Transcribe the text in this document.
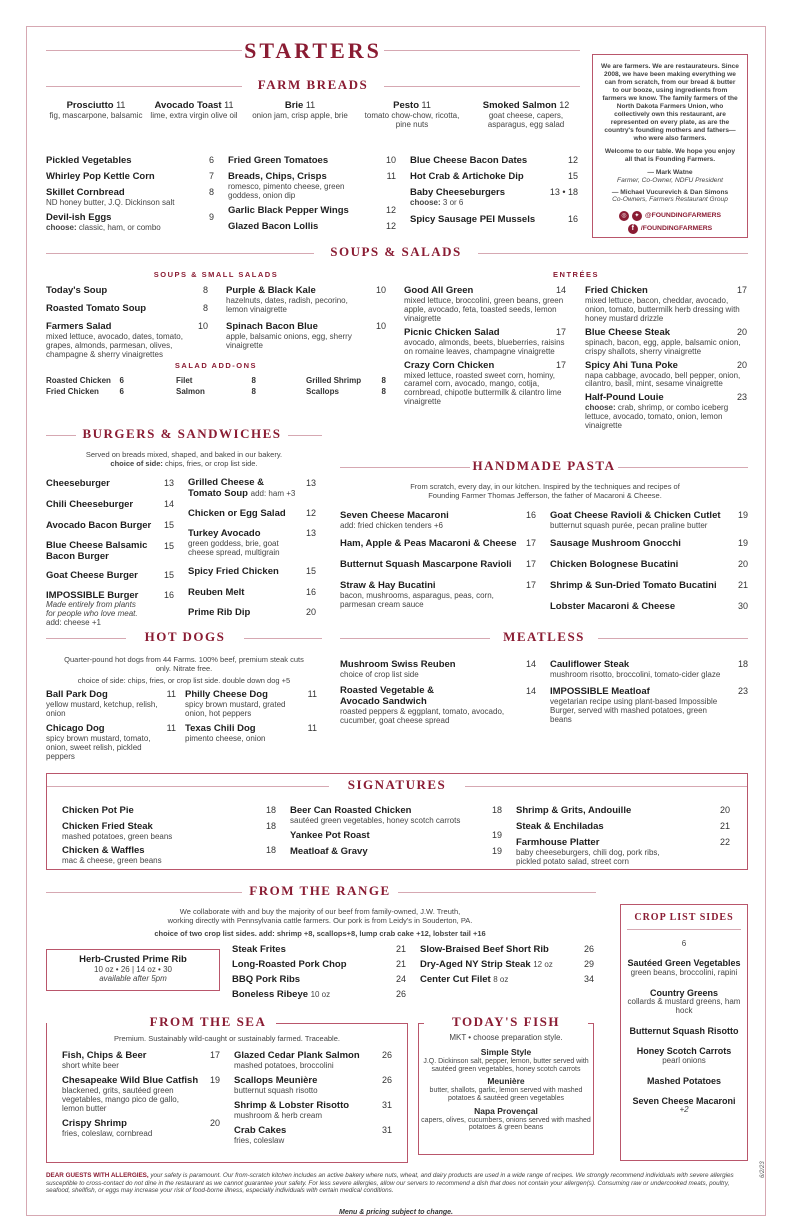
STARTERS
FARM BREADS
Prosciutto 11
fig, mascarpone, balsamic
Avocado Toast 11
lime, extra virgin olive oil
Brie 11
onion jam, crisp apple, brie
Pesto 11
tomato chow-chow, ricotta, pine nuts
Smoked Salmon 12
goat cheese, capers, asparagus, egg salad
Pickled Vegetables	6
Whirley Pop Kettle Corn	7
Skillet Cornbread	8
ND honey butter, J.Q. Dickinson salt
Devil-ish Eggs	9
choose: classic, ham, or combo
Fried Green Tomatoes	10
Breads, Chips, Crisps	11
romesco, pimento cheese, green goddess, onion dip
Garlic Black Pepper Wings	12
Glazed Bacon Lollis	12
Blue Cheese Bacon Dates	12
Hot Crab & Artichoke Dip	15
Baby Cheeseburgers	13 • 18
choose: 3 or 6
Spicy Sausage PEI Mussels	16
We are farmers. We are restaurateurs. Since 2008, we have been making everything we can from scratch, from our bread & butter to our booze, using ingredients from farmers we know. The family farmers of the North Dakota Farmers Union, who collectively own this restaurant, are represented on every plate, as are the country's founding mothers and fathers—who were also farmers.
Welcome to our table. We hope you enjoy all that is Founding Farmers.
— Mark Watne
Farmer, Co-Owner, NDFU President
— Michael Vucurevich & Dan Simons
Co-Owners, Farmers Restaurant Group
◎	✦ @FOUNDINGFARMERS
f	/FOUNDINGFARMERS
SOUPS & SALADS
SOUPS & SMALL SALADS	ENTRÉES
Today's Soup	8
Roasted Tomato Soup	8
Farmers Salad	10
mixed lettuce, avocado, dates, tomato, grapes, almonds, parmesan, olives, champagne & sherry vinaigrettes
Purple & Black Kale	10
hazelnuts, dates, radish, pecorino, lemon vinaigrette
Spinach Bacon Blue	10
apple, balsamic onions, egg, sherry vinaigrette
SALAD ADD-ONS
Roasted Chicken 6
Fried Chicken	6
Filet	8
Salmon	8
Grilled Shrimp	8
Scallops	8
Good All Green	14
mixed lettuce, broccolini, green beans, green apple, avocado, feta, toasted seeds, lemon vinaigrette
Picnic Chicken Salad	17
avocado, almonds, beets, blueberries, raisins on romaine leaves, champagne vinaigrette
Crazy Corn Chicken	17
mixed lettuce, roasted sweet corn, hominy, caramel corn, avocado, mango, cotija, cornbread, chipotle buttermilk & cilantro lime vinaigrette
Fried Chicken	17
mixed lettuce, bacon, cheddar, avocado, onion, tomato, buttermilk herb dressing with honey mustard drizzle
Blue Cheese Steak	20
spinach, bacon, egg, apple, balsamic onion, crispy shallots, sherry vinaigrette
Spicy Ahi Tuna Poke	20
napa cabbage, avocado, bell pepper, onion, cilantro, basil, mint, sesame vinaigrette
Half-Pound Louie	23
choose: crab, shrimp, or combo iceberg lettuce, avocado, tomato, onion, lemon vinaigrette
BURGERS & SANDWICHES
Served on breads mixed, shaped, and baked in our bakery.
choice of side: chips, fries, or crop list side.
Cheeseburger	13
Chili Cheeseburger	14
Avocado Bacon Burger 15
Blue Cheese Balsamic Bacon Burger
15
Goat Cheese Burger	15
IMPOSSIBLE Burger	16
Made entirely from plants for people who love meat.
add: cheese +1
Grilled Cheese & Tomato Soup add: ham +3
13
Chicken or Egg Salad 12
Turkey Avocado	13
green goddess, brie, goat cheese spread, multigrain
Spicy Fried Chicken	15
Reuben Melt	16
Prime Rib Dip	20
HANDMADE PASTA
From scratch, every day, in our kitchen. Inspired by the techniques and recipes of Founding Farmer Thomas Jefferson, the father of Macaroni & Cheese.
Seven Cheese Macaroni	16
add: fried chicken tenders +6
Ham, Apple & Peas Macaroni & Cheese 17
Butternut Squash Mascarpone Ravioli 17
Straw & Hay Bucatini	17
bacon, mushrooms, asparagus, peas, corn, parmesan cream sauce
Goat Cheese Ravioli & Chicken Cutlet 19
butternut squash purée, pecan praline butter
Sausage Mushroom Gnocchi	19
Chicken Bolognese Bucatini	20
Shrimp & Sun-Dried Tomato Bucatini 21
Lobster Macaroni & Cheese	30
HOT DOGS
Quarter-pound hot dogs from 44 Farms. 100% beef, premium steak cuts only. Nitrate free.
choice of side: chips, fries, or crop list side. double down dog +5
Ball Park Dog	11
yellow mustard, ketchup, relish, onion
Chicago Dog	11
spicy brown mustard, tomato, onion, sweet relish, pickled peppers
Philly Cheese Dog	11
spicy brown mustard, grated onion, hot peppers
Texas Chili Dog	11
pimento cheese, onion
MEATLESS
Mushroom Swiss Reuben	14
choice of crop list side
Roasted Vegetable & Avocado Sandwich
14
roasted peppers & eggplant, tomato, avocado, cucumber, goat cheese spread
Cauliflower Steak	18
mushroom risotto, broccolini, tomato-cider glaze
IMPOSSIBLE Meatloaf	23
vegetarian recipe using plant-based Impossible Burger, served with mashed potatoes, green beans
SIGNATURES
Chicken Pot Pie	18
Chicken Fried Steak	18
mashed potatoes, green beans
Chicken & Waffles	18
mac & cheese, green beans
Beer Can Roasted Chicken	18
sautéed green vegetables, honey scotch carrots
Yankee Pot Roast	19
Meatloaf & Gravy	19
Shrimp & Grits, Andouille	20
Steak & Enchiladas	21
Farmhouse Platter	22
baby cheeseburgers, chili dog, pork ribs, pickled potato salad, street corn
FROM THE RANGE
We collaborate with and buy the majority of our beef from family-owned, J.W. Treuth,
working directly with Pennsylvania cattle farmers. Our pork is from Leidy's in Souderton, PA.
choice of two crop list sides. add: shrimp +8, scallops+8, lump crab cake +12, lobster tail +16
Herb-Crusted Prime Rib
10 oz • 26 | 14 oz • 30
available after 5pm
Steak Frites	21
Long-Roasted Pork Chop	21
BBQ Pork Ribs	24
Boneless Ribeye 10 oz	26
Slow-Braised Beef Short Rib	26
Dry-Aged NY Strip Steak 12 oz	29
Center Cut Filet 8 oz	34
FROM THE SEA
Premium. Sustainably wild-caught or sustainably farmed. Traceable.
Fish, Chips & Beer	17
short white beer
Chesapeake Wild Blue Catfish 19
blackened, grits, sautéed green vegetables, mango pico de gallo, lemon butter
Crispy Shrimp	20
fries, coleslaw, cornbread
Glazed Cedar Plank Salmon 26
mashed potatoes, broccolini
Scallops Meunière	26
butternut squash risotto
Shrimp & Lobster Risotto	31
mushroom & herb cream
Crab Cakes	31
fries, coleslaw
TODAY'S FISH
MKT • choose preparation style.
Simple Style
J.Q. Dickinson salt, pepper, lemon, butter served with sautéed green vegetables, honey scotch carrots
Meunière
butter, shallots, garlic, lemon served with mashed potatoes & sautéed green vegetables
Napa Provençal
capers, olives, cucumbers, onions served with mashed potatoes & green beans
CROP LIST SIDES
6
Sautéed Green Vegetables
green beans, broccolini, rapini
Country Greens
collards & mustard greens, ham hock
Butternut Squash Risotto
Honey Scotch Carrots
pearl onions
Mashed Potatoes
Seven Cheese Macaroni
+2
DEAR GUESTS WITH ALLERGIES, your safety is paramount. Our from-scratch kitchen includes an active bakery where nuts, wheat, and dairy products are used in a wide range of recipes. We strongly recommend individuals with severe allergies susceptible to cross-contact do not dine in the restaurant as we cannot guarantee your safety. For less severe allergies, allow our servers to recommend a dish that does not contain your allergen(s). Consuming raw or undercooked meats, poultry, seafood, shellfish, or eggs may increase your risk of food-borne illness, especially individuals with certain medical conditions.
6/2/23
Menu & pricing subject to change.
